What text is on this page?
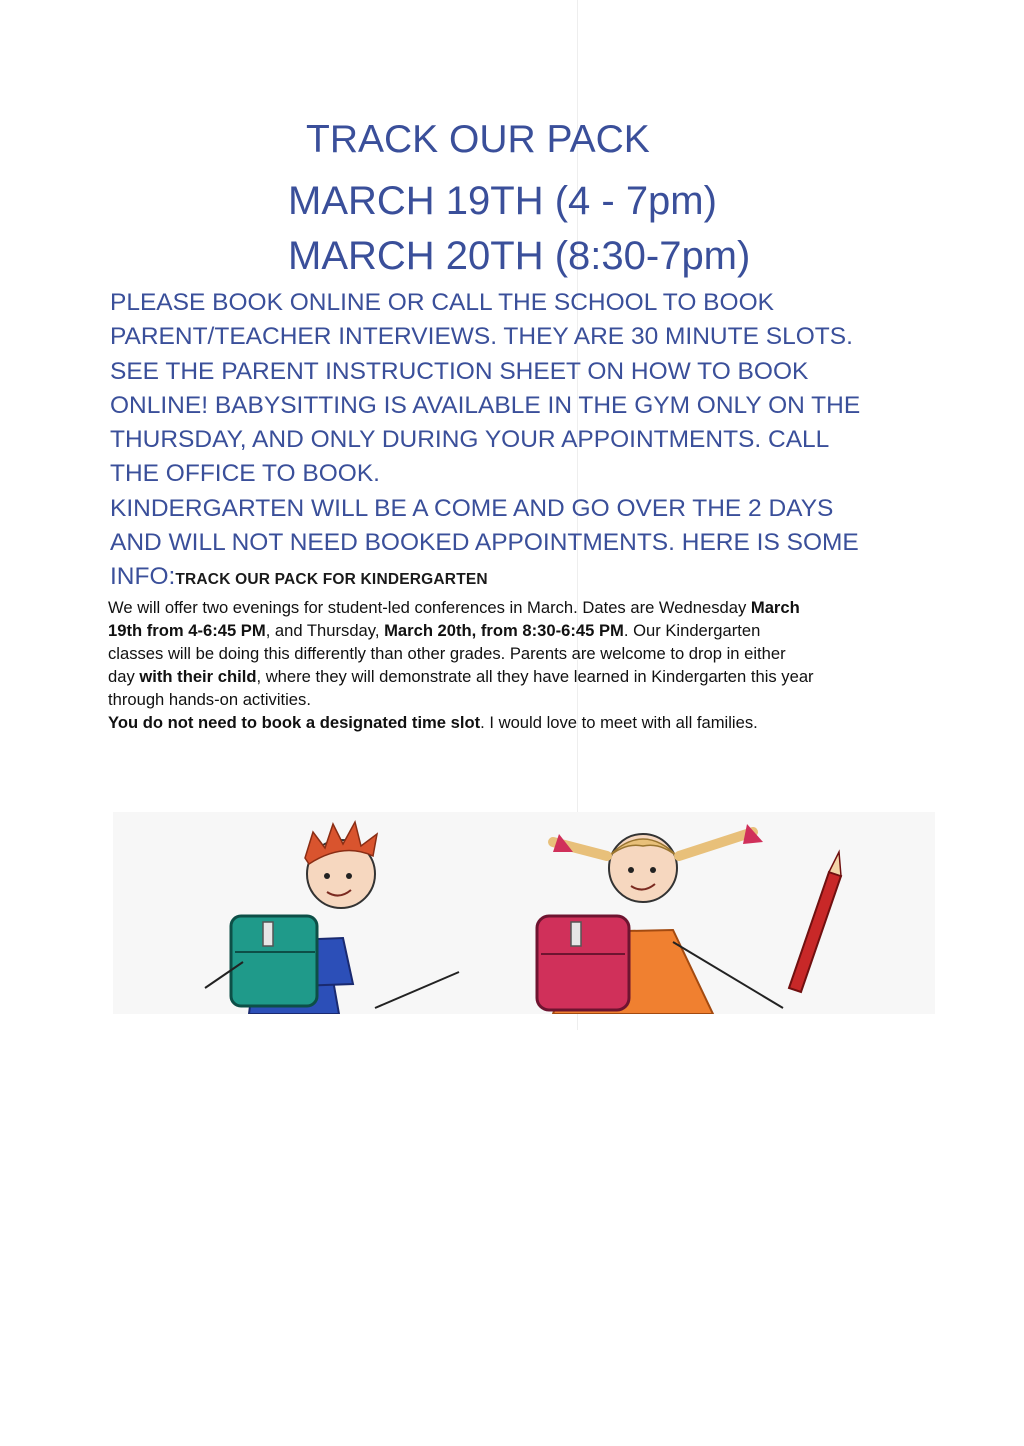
TRACK OUR PACK
MARCH 19TH (4 - 7pm)
MARCH 20TH (8:30-7pm)
PLEASE BOOK ONLINE OR CALL THE SCHOOL TO BOOK
PARENT/TEACHER INTERVIEWS. THEY ARE 30 MINUTE SLOTS.
SEE THE PARENT INSTRUCTION SHEET ON HOW TO BOOK
ONLINE! BABYSITTING IS AVAILABLE IN THE GYM ONLY ON THE
THURSDAY, AND ONLY DURING YOUR APPOINTMENTS. CALL
THE OFFICE TO BOOK.
KINDERGARTEN WILL BE A COME AND GO OVER THE 2 DAYS
AND WILL NOT NEED BOOKED APPOINTMENTS. HERE IS SOME
INFO:TRACK OUR PACK FOR KINDERGARTEN
We will offer two evenings for student-led conferences in March. Dates are Wednesday March
19th from 4-6:45 PM, and Thursday, March 20th, from 8:30-6:45 PM. Our Kindergarten
classes will be doing this differently than other grades. Parents are welcome to drop in either
day with their child, where they will demonstrate all they have learned in Kindergarten this year
through hands-on activities.
You do not need to book a designated time slot. I would love to meet with all families.
